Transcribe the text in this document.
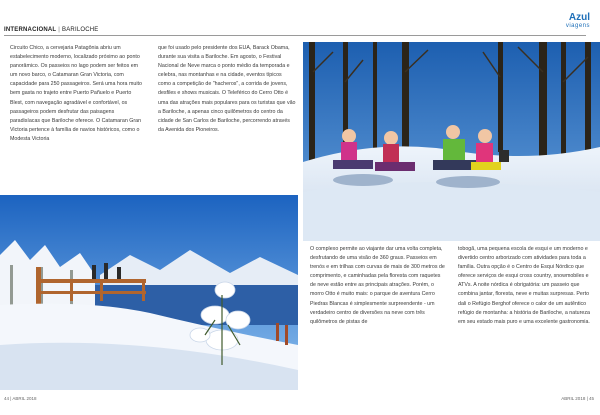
INTERNACIONAL | BARILOCHE
Azul
viagens

Circuito Chico, a cervejaria Patagônia abriu um estabelecimento moderno, localizado próximo ao ponto panorâmico. Os passeios no lago podem ser feitos em um novo barco, o Catamaran Gran Victoria, com capacidade para 250 passageiros. Será uma hora muito bem gasta no trajeto entre Puerto Pañuelo e Puerto Blest, com navegação agradável e confortável, os passageiros podem desfrutar das paisagens paradisíacas que Bariloche oferece. O Catamaran Gran Victoria pertence à família de navios históricos, como o Modesta Victoria

que foi usado pelo presidente dos EUA, Barack Obama, durante sua visita a Bariloche. Em agosto, o Festival Nacional de Neve marca o ponto médio da temporada e celebra, nas montanhas e na cidade, eventos típicos como a competição de "hacheros", a corrida de jovens, desfiles e shows musicais. O Teleférico do Cerro Otto é uma das atrações mais populares para os turistas que vão a Bariloche, a apenas cinco quilômetros do centro da cidade de San Carlos de Bariloche, percorrendo através da Avenida dos Pioneiros.

O complexo permite ao viajante dar uma volta completa, desfrutando de uma visão de 360 graus. Passeios em trenós e em trilhas com curvas de mais de 300 metros de comprimento, e caminhadas pela floresta com raquetes de neve estão entre as principais atrações. Porém, o morro Otto é muito mais: o parque de aventura Cerro Piedras Blancas é simplesmente surpreendente - um verdadeiro centro de diversões na neve com três quilômetros de pistas de

tobogã, uma pequena escola de esqui e um moderno e divertido centro arborizado com atividades para toda a família. Outra opção é o Centro de Esqui Nórdico que oferece serviços de esqui cross country, snowmobiles e ATVs. A noite nórdica é obrigatória: um passeio que combina jantar, floresta, neve e muitas surpresas. Perto dali o Refúgio Berghof oferece o calor de um autêntico refúgio de montanha: a história de Bariloche, a natureza em seu estado mais puro e uma excelente gastronomia.

44 | ABRIL 2018	ABRIL 2018 | 45
